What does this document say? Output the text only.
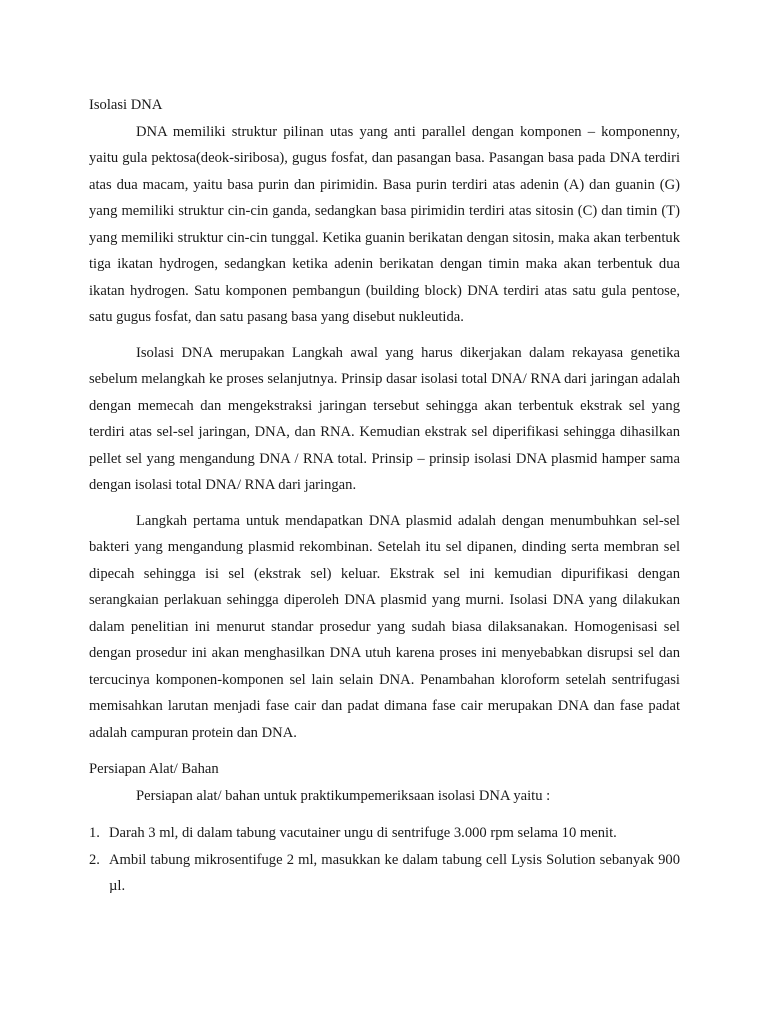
Isolasi DNA

DNA memiliki struktur pilinan utas yang anti parallel dengan komponen – komponenny, yaitu gula pektosa(deok-siribosa), gugus fosfat, dan pasangan basa. Pasangan basa pada DNA terdiri atas dua macam, yaitu basa purin dan pirimidin. Basa purin terdiri atas adenin (A) dan guanin (G) yang memiliki struktur cin-cin ganda, sedangkan basa pirimidin terdiri atas sitosin (C) dan timin (T) yang memiliki struktur cin-cin tunggal. Ketika guanin berikatan dengan sitosin, maka akan terbentuk tiga ikatan hydrogen, sedangkan ketika adenin berikatan dengan timin maka akan terbentuk dua ikatan hydrogen. Satu komponen pembangun (building block) DNA terdiri atas satu gula pentose, satu gugus fosfat, dan satu pasang basa yang disebut nukleutida.

Isolasi DNA merupakan Langkah awal yang harus dikerjakan dalam rekayasa genetika sebelum melangkah ke proses selanjutnya. Prinsip dasar isolasi total DNA/ RNA dari jaringan adalah dengan memecah dan mengekstraksi jaringan tersebut sehingga akan terbentuk ekstrak sel yang terdiri atas sel-sel jaringan, DNA, dan RNA. Kemudian ekstrak sel diperifikasi sehingga dihasilkan pellet sel yang mengandung DNA / RNA total. Prinsip – prinsip isolasi DNA plasmid hamper sama dengan isolasi total DNA/ RNA dari jaringan.

Langkah pertama untuk mendapatkan DNA plasmid adalah dengan menumbuhkan sel-sel bakteri yang mengandung plasmid rekombinan. Setelah itu sel dipanen, dinding serta membran sel dipecah sehingga isi sel (ekstrak sel) keluar. Ekstrak sel ini kemudian dipurifikasi dengan serangkaian perlakuan sehingga diperoleh DNA plasmid yang murni. Isolasi DNA yang dilakukan dalam penelitian ini menurut standar prosedur yang sudah biasa dilaksanakan. Homogenisasi sel dengan prosedur ini akan menghasilkan DNA utuh karena proses ini menyebabkan disrupsi sel dan tercucinya komponen-komponen sel lain selain DNA. Penambahan kloroform setelah sentrifugasi memisahkan larutan menjadi fase cair dan padat dimana fase cair merupakan DNA dan fase padat adalah campuran protein dan DNA.

Persiapan Alat/ Bahan

Persiapan alat/ bahan untuk praktikumpemeriksaan isolasi DNA yaitu :

1. Darah 3 ml, di dalam tabung vacutainer ungu di sentrifuge 3.000 rpm selama 10 menit.
2. Ambil tabung mikrosentifuge 2 ml, masukkan ke dalam tabung cell Lysis Solution sebanyak 900 µl.
